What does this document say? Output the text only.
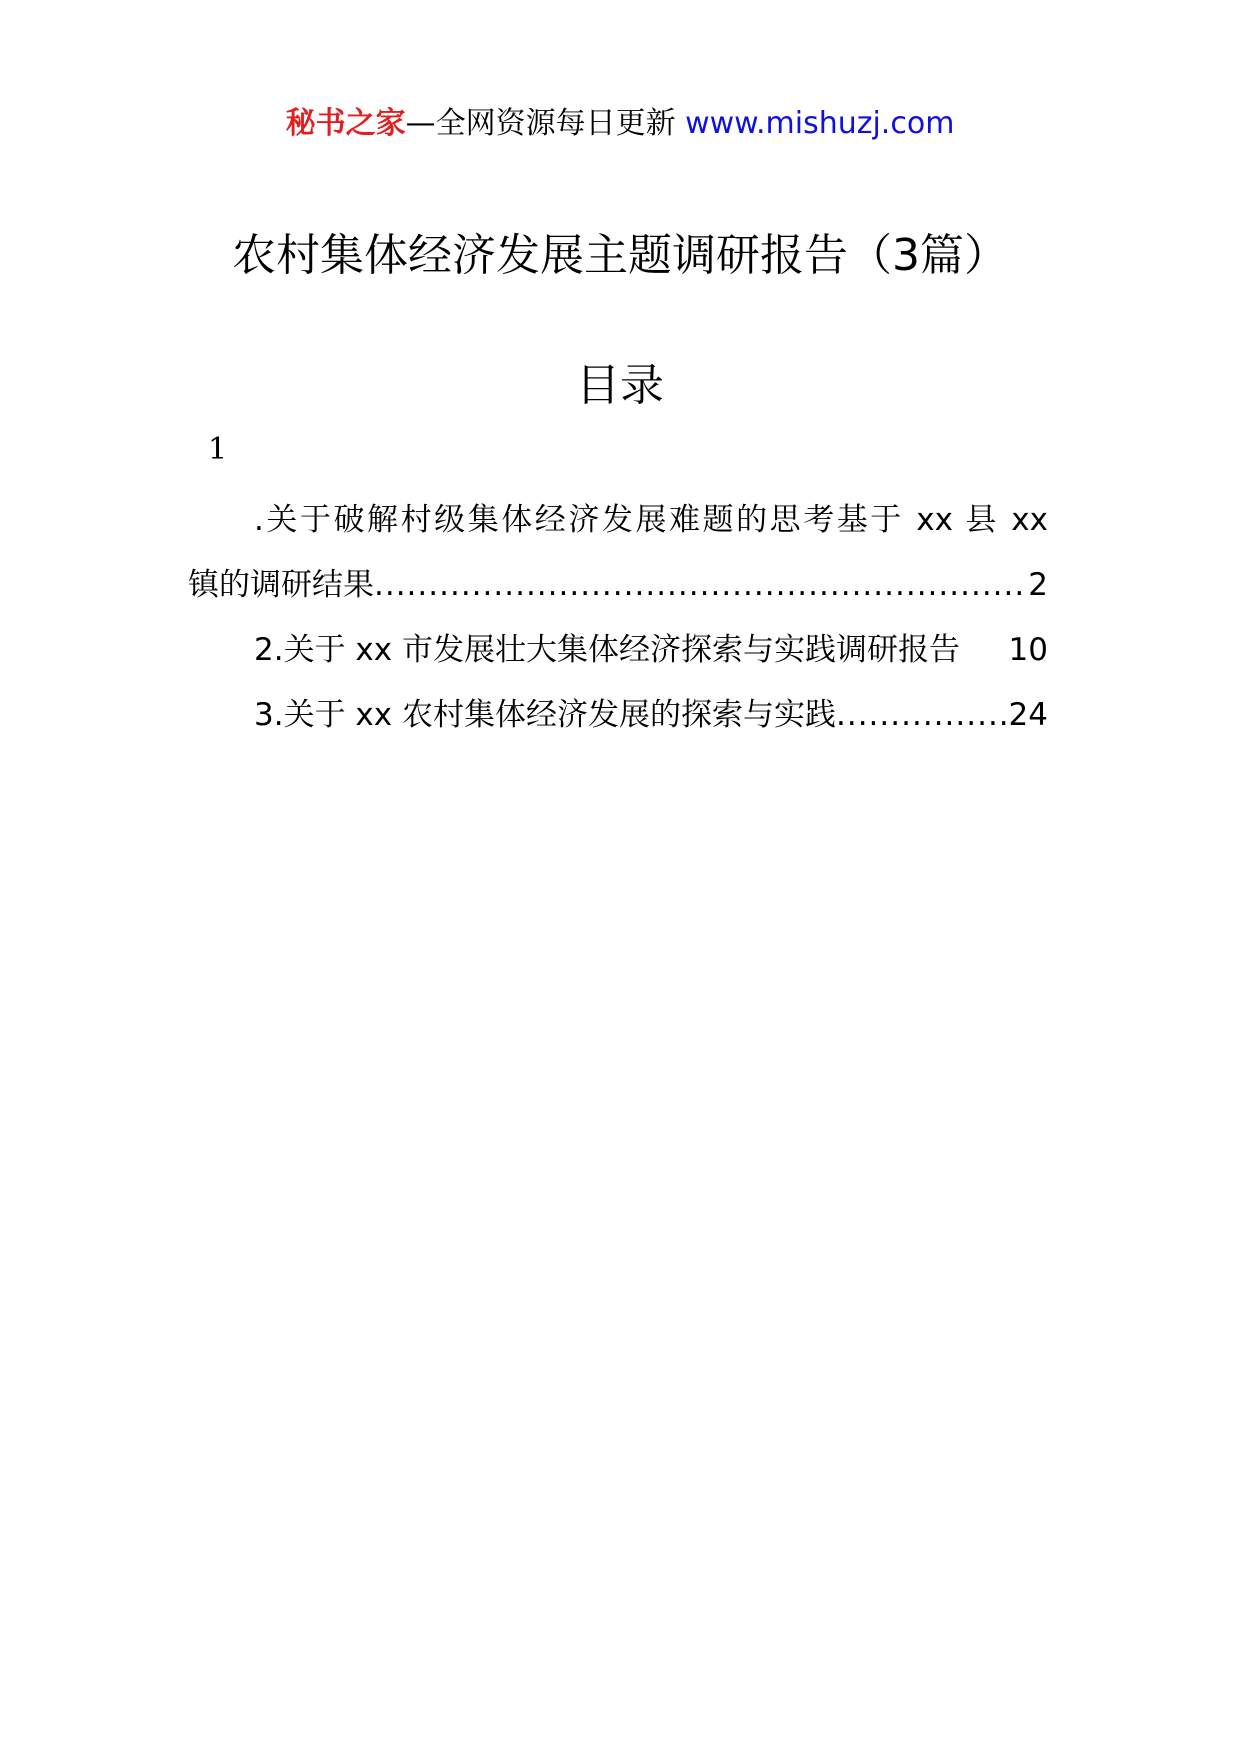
秘书之家—全网资源每日更新 www.mishuzj.com
农村集体经济发展主题调研报告（3篇）
目录
1
.关于破解村级集体经济发展难题的思考基于 xx 县 xx
镇的调研结果 .....	2
2.关于 xx 市发展壮大集体经济探索与实践调研报告 10
3.关于 xx 农村集体经济发展的探索与实践 .....	24
